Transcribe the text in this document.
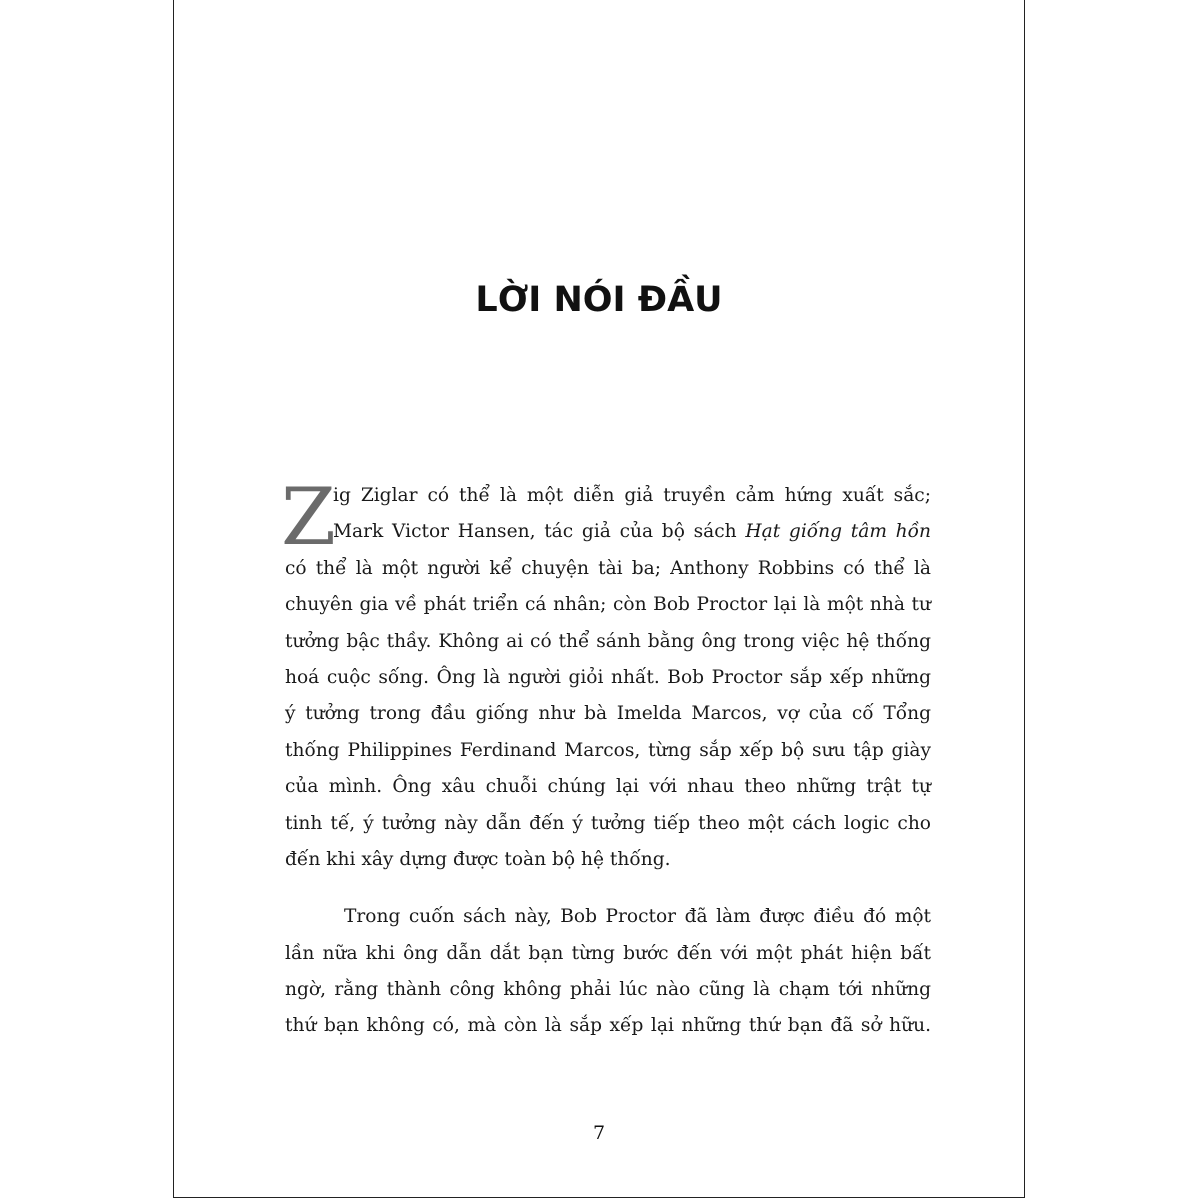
LỜI NÓI ĐẦU
Z
ig Ziglar có thể là một diễn giả truyền cảm hứng xuất sắc;
Mark Victor Hansen, tác giả của bộ sách Hạt giống tâm hồn
có thể là một người kể chuyện tài ba; Anthony Robbins có thể là
chuyên gia về phát triển cá nhân; còn Bob Proctor lại là một nhà tư
tưởng bậc thầy. Không ai có thể sánh bằng ông trong việc hệ thống
hoá cuộc sống. Ông là người giỏi nhất. Bob Proctor sắp xếp những
ý tưởng trong đầu giống như bà Imelda Marcos, vợ của cố Tổng
thống Philippines Ferdinand Marcos, từng sắp xếp bộ sưu tập giày
của mình. Ông xâu chuỗi chúng lại với nhau theo những trật tự
tinh tế, ý tưởng này dẫn đến ý tưởng tiếp theo một cách logic cho
đến khi xây dựng được toàn bộ hệ thống.
Trong cuốn sách này, Bob Proctor đã làm được điều đó một
lần nữa khi ông dẫn dắt bạn từng bước đến với một phát hiện bất
ngờ, rằng thành công không phải lúc nào cũng là chạm tới những
thứ bạn không có, mà còn là sắp xếp lại những thứ bạn đã sở hữu.
7
